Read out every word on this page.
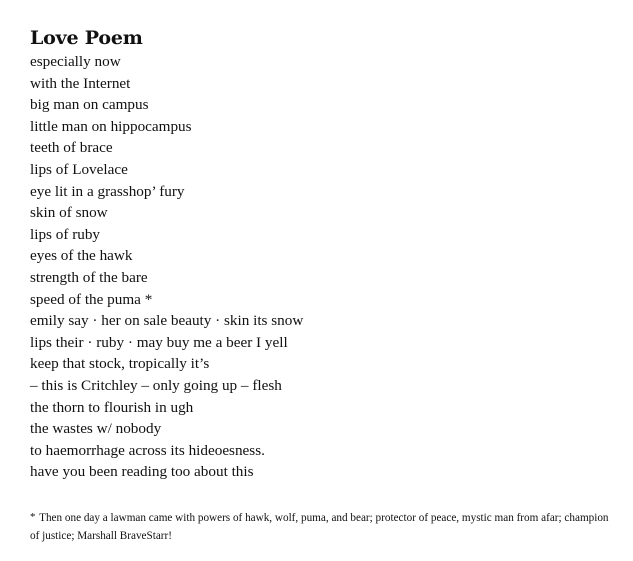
Love Poem
especially now
with the Internet
big man on campus
little man on hippocampus
teeth of brace
lips of Lovelace
eye lit in a grasshop’ fury
skin of snow
lips of ruby
eyes of the hawk
strength of the bare
speed of the puma *
emily say · her on sale beauty · skin its snow
lips their · ruby · may buy me a beer I yell
keep that stock, tropically it’s
– this is Critchley – only going up – flesh
the thorn to flourish in ugh
the wastes w/ nobody
to haemorrhage across its hideoesness.
have you been reading too about this
* Then one day a lawman came with powers of hawk, wolf, puma, and bear; protector of peace, mystic man from afar; champion of justice; Marshall BraveStarr!
